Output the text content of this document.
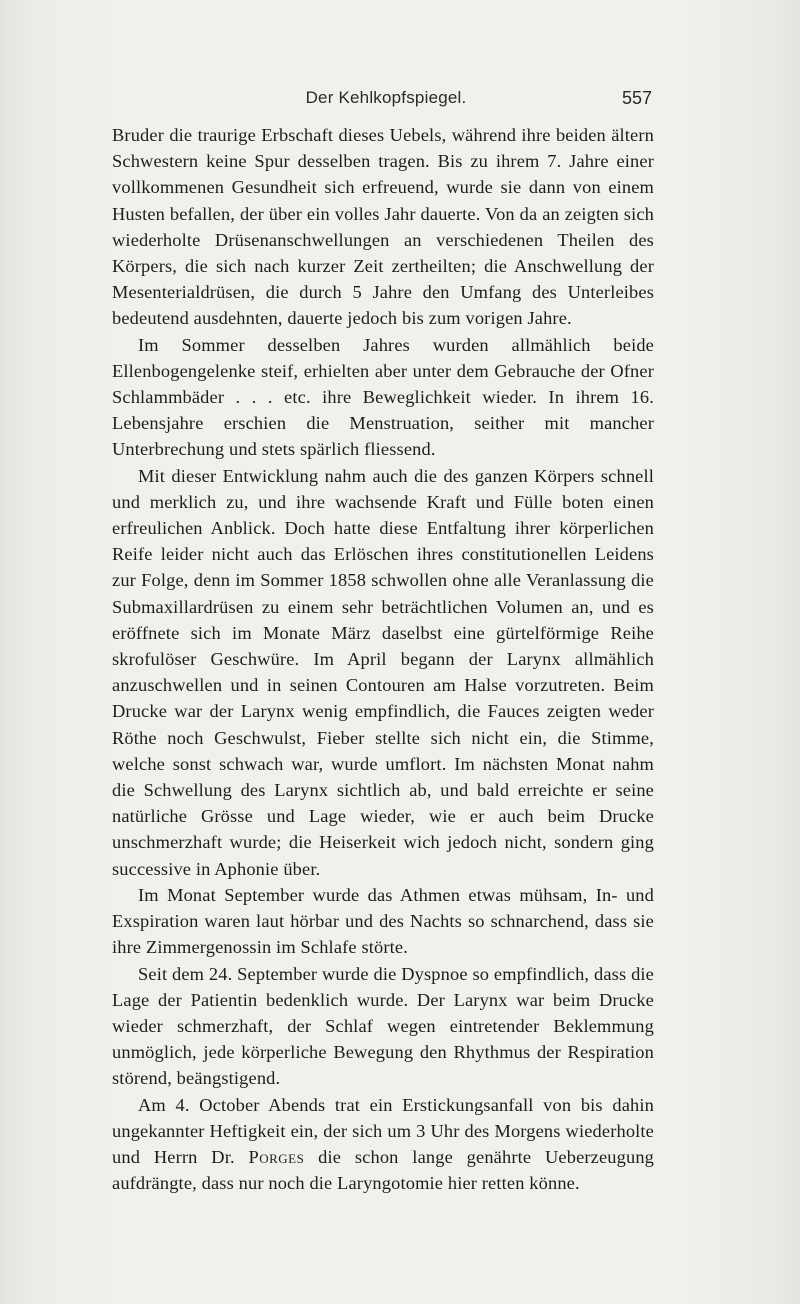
Der Kehlkopfspiegel.	557

Bruder die traurige Erbschaft dieses Uebels, während ihre beiden ältern Schwestern keine Spur desselben tragen. Bis zu ihrem 7. Jahre einer vollkommenen Gesundheit sich erfreuend, wurde sie dann von einem Husten befallen, der über ein volles Jahr dauerte. Von da an zeigten sich wiederholte Drüsenanschwellungen an verschiedenen Theilen des Körpers, die sich nach kurzer Zeit zertheilten; die Anschwellung der Mesenterialdrüsen, die durch 5 Jahre den Umfang des Unterleibes bedeutend ausdehnten, dauerte jedoch bis zum vorigen Jahre.

Im Sommer desselben Jahres wurden allmählich beide Ellenbogengelenke steif, erhielten aber unter dem Gebrauche der Ofner Schlammbäder . . . etc. ihre Beweglichkeit wieder. In ihrem 16. Lebensjahre erschien die Menstruation, seither mit mancher Unterbrechung und stets spärlich fliessend.

Mit dieser Entwicklung nahm auch die des ganzen Körpers schnell und merklich zu, und ihre wachsende Kraft und Fülle boten einen erfreulichen Anblick. Doch hatte diese Entfaltung ihrer körperlichen Reife leider nicht auch das Erlöschen ihres constitutionellen Leidens zur Folge, denn im Sommer 1858 schwollen ohne alle Veranlassung die Submaxillardrüsen zu einem sehr beträchtlichen Volumen an, und es eröffnete sich im Monate März daselbst eine gürtelförmige Reihe skrofulöser Geschwüre. Im April begann der Larynx allmählich anzuschwellen und in seinen Contouren am Halse vorzutreten. Beim Drucke war der Larynx wenig empfindlich, die Fauces zeigten weder Röthe noch Geschwulst, Fieber stellte sich nicht ein, die Stimme, welche sonst schwach war, wurde umflort. Im nächsten Monat nahm die Schwellung des Larynx sichtlich ab, und bald erreichte er seine natürliche Grösse und Lage wieder, wie er auch beim Drucke unschmerzhaft wurde; die Heiserkeit wich jedoch nicht, sondern ging successive in Aphonie über.

Im Monat September wurde das Athmen etwas mühsam, In- und Exspiration waren laut hörbar und des Nachts so schnarchend, dass sie ihre Zimmergenossin im Schlafe störte.

Seit dem 24. September wurde die Dyspnoe so empfindlich, dass die Lage der Patientin bedenklich wurde. Der Larynx war beim Drucke wieder schmerzhaft, der Schlaf wegen eintretender Beklemmung unmöglich, jede körperliche Bewegung den Rhythmus der Respiration störend, beängstigend.

Am 4. October Abends trat ein Erstickungsanfall von bis dahin ungekannter Heftigkeit ein, der sich um 3 Uhr des Morgens wiederholte und Herrn Dr. Porges die schon lange genährte Ueberzeugung aufdrängte, dass nur noch die Laryngotomie hier retten könne.
